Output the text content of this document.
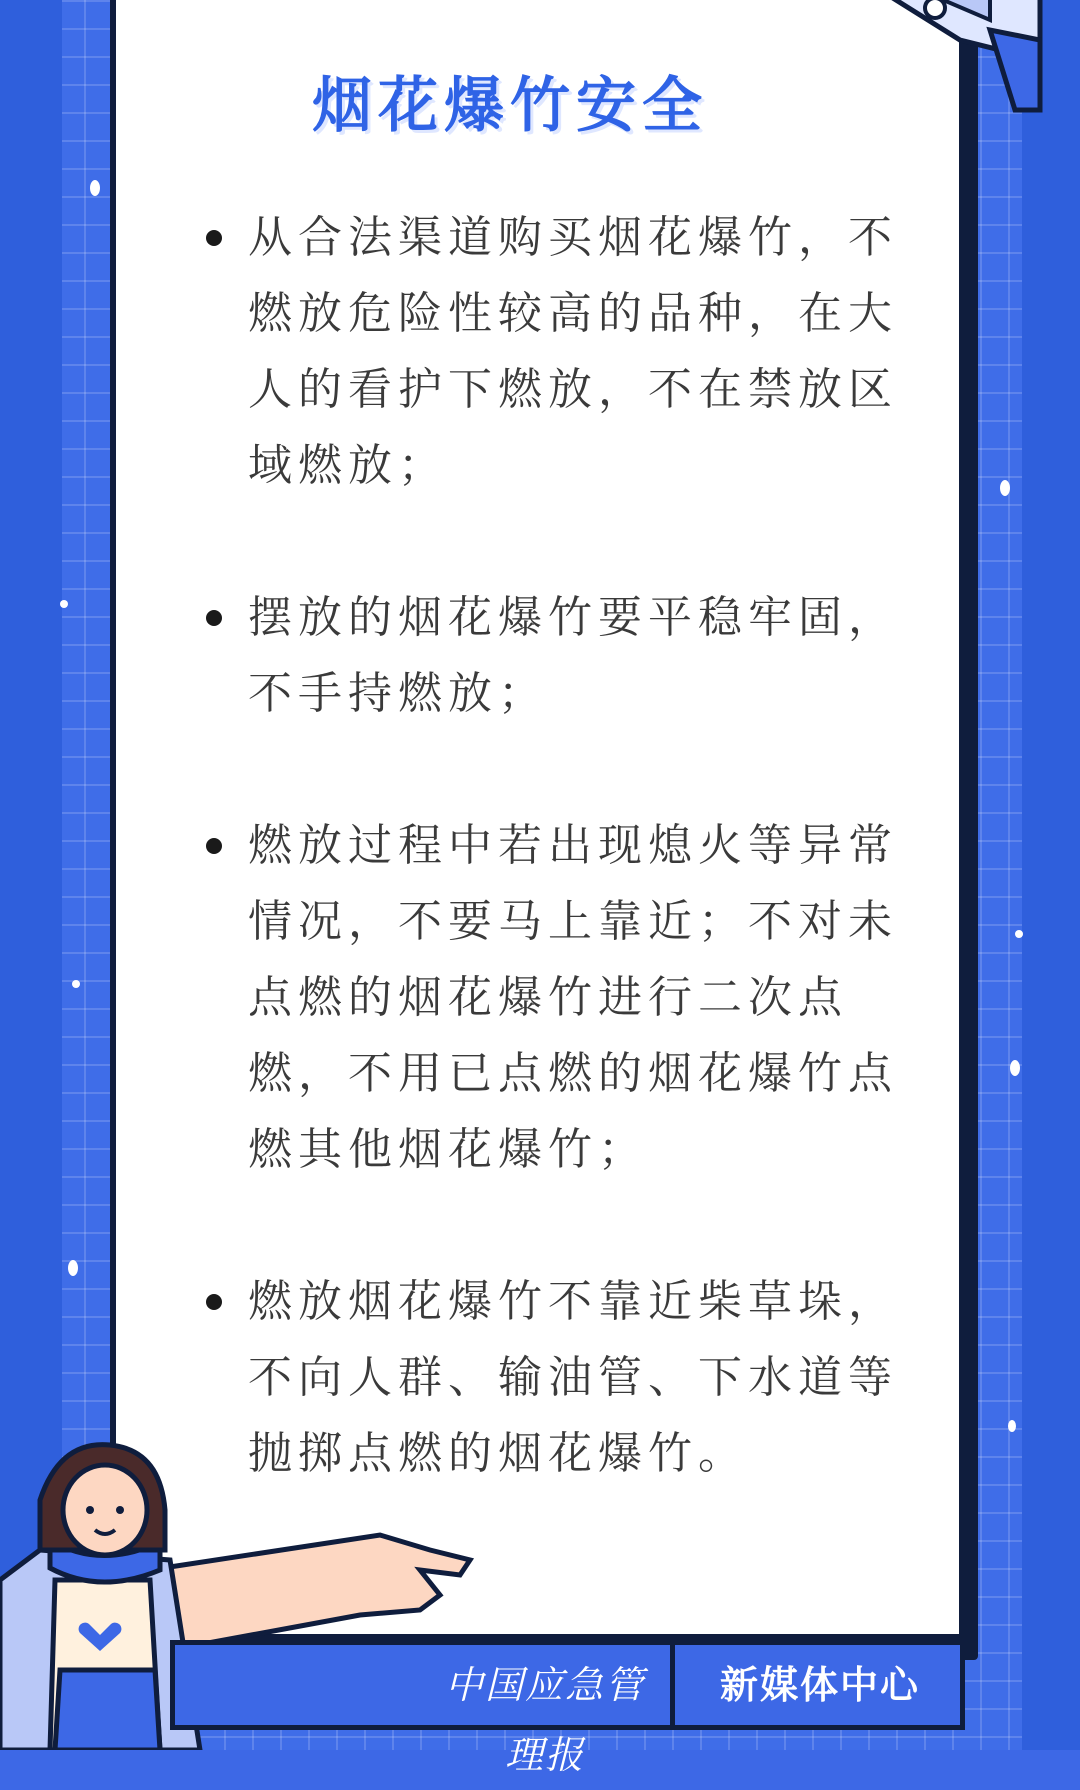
烟花爆竹安全
从合法渠道购买烟花爆竹，不
燃放危险性较高的品种，在大
人的看护下燃放，不在禁放区
域燃放；
摆放的烟花爆竹要平稳牢固，
不手持燃放；
燃放过程中若出现熄火等异常
情况，不要马上靠近；不对未
点燃的烟花爆竹进行二次点
燃，不用已点燃的烟花爆竹点
燃其他烟花爆竹；
燃放烟花爆竹不靠近柴草垛，
不向人群、输油管、下水道等
抛掷点燃的烟花爆竹。
中国应急管理报
新媒体中心
